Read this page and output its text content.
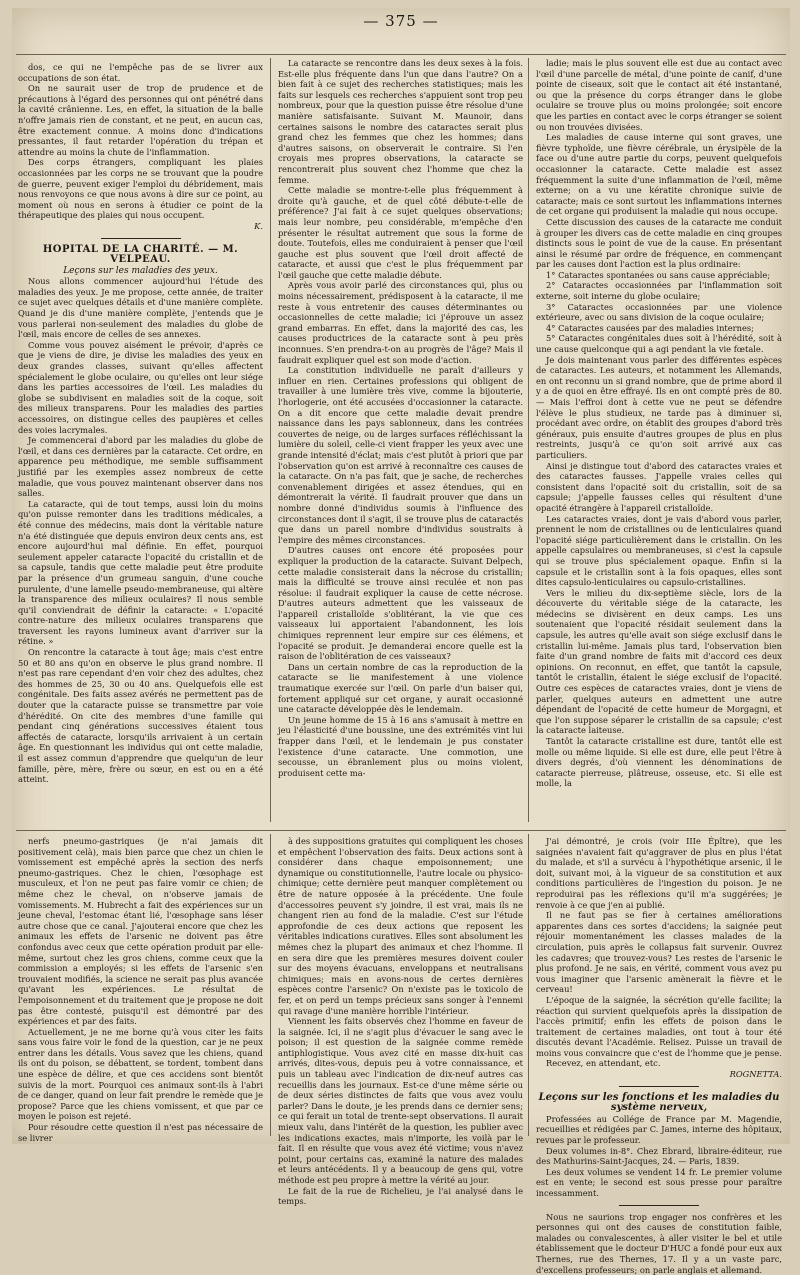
— 375 —

dos, ce qui ne l'empêche pas de se livrer aux occupations de son état.

On ne saurait user de trop de prudence et de précautions à l'égard des personnes qui ont pénétré dans la cavité crânienne. Les, en effet, la situation de la balle n'offre jamais rien de constant, et ne peut, en aucun cas, être exactement connue. A moins donc d'indications pressantes, il faut retarder l'opération du trépan et attendre au moins la chute de l'inflammation.

Des corps étrangers, compliquant les plaies occasionnées par les corps ne se trouvant que la poudre de guerre, peuvent exiger l'emploi du débridement, mais nous renvoyons ce que nous avons à dire sur ce point, au moment où nous en serons à étudier ce point de la thérapeutique des plaies qui nous occupent.

K.

HOPITAL DE LA CHARITÉ. — M. VELPEAU.

Leçons sur les maladies des yeux.

Nous allons commencer aujourd'hui l'étude des maladies des yeux. Je me propose, cette année, de traiter ce sujet avec quelques détails et d'une manière complète. Quand je dis d'une manière complète, j'entends que je vous parlerai non-seulement des maladies du globe de l'œil, mais encore de celles de ses annexes.

Comme vous pouvez aisément le prévoir, d'après ce que je viens de dire, je divise les maladies des yeux en deux grandes classes, suivant qu'elles affectent spécialement le globe oculaire, ou qu'elles ont leur siége dans les parties accessoires de l'œil. Les maladies du globe se subdivisent en maladies soit de la coque, soit des milieux transparens. Pour les maladies des parties accessoires, on distingue celles des paupières et celles des voies lacrymales.

Je commencerai d'abord par les maladies du globe de l'œil, et dans ces dernières par la cataracte. Cet ordre, en apparence peu méthodique, me semble suffisamment justifié par les exemples assez nombreux de cette maladie, que vous pouvez maintenant observer dans nos salles.

La cataracte, qui de tout temps, aussi loin du moins qu'on puisse remonter dans les traditions médicales, a été connue des médecins, mais dont la véritable nature n'a été distinguée que depuis environ deux cents ans, est encore aujourd'hui mal définie. En effet, pourquoi seulement appeler cataracte l'opacité du cristallin et de sa capsule, tandis que cette maladie peut être produite par la présence d'un grumeau sanguin, d'une couche purulente, d'une lamelle pseudo-membraneuse, qui altère la transparence des milieux oculaires? Il nous semble qu'il conviendrait de définir la cataracte: « L'opacité contre-nature des milieux oculaires transparens que traversent les rayons lumineux avant d'arriver sur la rétine. »

On rencontre la cataracte à tout âge; mais c'est entre 50 et 80 ans qu'on en observe le plus grand nombre. Il n'est pas rare cependant d'en voir chez des adultes, chez des hommes de 25, 30 ou 40 ans. Quelquefois elle est congénitale. Des faits assez avérés ne permettent pas de douter que la cataracte puisse se transmettre par voie d'hérédité. On cite des membres d'une famille qui pendant cinq générations successives étaient tous affectés de cataracte, lorsqu'ils arrivaient à un certain âge. En questionnant les individus qui ont cette maladie, il est assez commun d'apprendre que quelqu'un de leur famille, père, mère, frère ou sœur, en est ou en a été atteint.

La cataracte se rencontre dans les deux sexes à la fois. Est-elle plus fréquente dans l'un que dans l'autre? On a bien fait à ce sujet des recherches statistiques; mais les faits sur lesquels ces recherches s'appuient sont trop peu nombreux, pour que la question puisse être résolue d'une manière satisfaisante. Suivant M. Maunoir, dans certaines saisons le nombre des cataractes serait plus grand chez les femmes que chez les hommes; dans d'autres saisons, on observerait le contraire. Si l'en croyais mes propres observations, la cataracte se rencontrerait plus souvent chez l'homme que chez la femme.

Cette maladie se montre-t-elle plus fréquemment à droite qu'à gauche, et de quel côté débute-t-elle de préférence? J'ai fait à ce sujet quelques observations; mais leur nombre, peu considérable, m'empêche d'en présenter le résultat autrement que sous la forme de doute. Toutefois, elles me conduiraient à penser que l'œil gauche est plus souvent que l'œil droit affecté de cataracte, et aussi que c'est le plus fréquemment par l'œil gauche que cette maladie débute.

Après vous avoir parlé des circonstances qui, plus ou moins nécessairement, prédisposent à la cataracte, il me reste à vous entretenir des causes déterminantes ou occasionnelles de cette maladie; ici j'éprouve un assez grand embarras. En effet, dans la majorité des cas, les causes productrices de la cataracte sont à peu près inconnues. S'en prendra-t-on au progrès de l'âge? Mais il faudrait expliquer quel est son mode d'action.

La constitution individuelle ne paraît d'ailleurs y influer en rien. Certaines professions qui obligent de travailler à une lumière très vive, comme la bijouterie, l'horlogerie, ont été accusées d'occasionner la cataracte. On a dit encore que cette maladie devait prendre naissance dans les pays sablonneux, dans les contrées couvertes de neige, ou de larges surfaces réfléchissant la lumière du soleil, celle-ci vient frapper les yeux avec une grande intensité d'éclat; mais c'est plutôt à priori que par l'observation qu'on est arrivé à reconnaître ces causes de la cataracte. On n'a pas fait, que je sache, de recherches convenablement dirigées et assez étendues, qui en démontrerait la vérité. Il faudrait prouver que dans un nombre donné d'individus soumis à l'influence des circonstances dont il s'agit, il se trouve plus de cataractés que dans un pareil nombre d'individus soustraits à l'empire des mêmes circonstances.

D'autres causes ont encore été proposées pour expliquer la production de la cataracte. Suivant Delpech, cette maladie consisterait dans la nécrose du cristallin; mais la difficulté se trouve ainsi reculée et non pas résolue: il faudrait expliquer la cause de cette nécrose. D'autres auteurs admettent que les vaisseaux de l'appareil cristalloïde s'oblitérant, la vie que ces vaisseaux lui apportaient l'abandonnent, les lois chimiques reprennent leur empire sur ces élémens, et l'opacité se produit. Je demanderai encore quelle est la raison de l'oblitération de ces vaisseaux?

Dans un certain nombre de cas la reproduction de la cataracte se lie manifestement à une violence traumatique exercée sur l'œil. On parle d'un baiser qui, fortement appliqué sur cet organe, y aurait occasionné une cataracte développée dès le lendemain.

Un jeune homme de 15 à 16 ans s'amusait à mettre en jeu l'élasticité d'une boussine, une des extrémités vint lui frapper dans l'œil, et le lendemain je pus constater l'existence d'une cataracte. Une commotion, une secousse, un ébranlement plus ou moins violent, produisent cette ma-

ladie; mais le plus souvent elle est due au contact avec l'œil d'une parcelle de métal, d'une pointe de canif, d'une pointe de ciseaux, soit que le contact ait été instantané, ou que la présence du corps étranger dans le globe oculaire se trouve plus ou moins prolongée; soit encore que les parties en contact avec le corps étranger se soient ou non trouvées divisées.

Les maladies de cause interne qui sont graves, une fièvre typhoïde, une fièvre cérébrale, un érysipèle de la face ou d'une autre partie du corps, peuvent quelquefois occasionner la cataracte. Cette maladie est assez fréquemment la suite d'une inflammation de l'œil, même externe; on a vu une kératite chronique suivie de cataracte; mais ce sont surtout les inflammations internes de cet organe qui produisent la maladie qui nous occupe.

Cette discussion des causes de la cataracte me conduit à grouper les divers cas de cette maladie en cinq groupes distincts sous le point de vue de la cause. En présentant ainsi le résumé par ordre de fréquence, en commençant par les causes dont l'action est la plus ordinaire:

1° Cataractes spontanées ou sans cause appréciable;

2° Cataractes occasionnées par l'inflammation soit externe, soit interne du globe oculaire;

3° Cataractes occasionnées par une violence extérieure, avec ou sans division de la coque oculaire;

4° Cataractes causées par des maladies internes;

5° Cataractes congénitales dues soit à l'hérédité, soit à une cause quelconque qui a agi pendant la vie fœtale.

Je dois maintenant vous parler des différentes espèces de cataractes. Les auteurs, et notamment les Allemands, en ont reconnu un si grand nombre, que de prime abord il y a de quoi en être effrayé. Ils en ont compté près de 80. — Mais l'effroi dont à cette vue ne peut se défendre l'élève le plus studieux, ne tarde pas à diminuer si, procédant avec ordre, on établit des groupes d'abord très généraux, puis ensuite d'autres groupes de plus en plus restreints, jusqu'à ce qu'on soit arrivé aux cas particuliers.

Ainsi je distingue tout d'abord des cataractes vraies et des cataractes fausses. J'appelle vraies celles qui consistent dans l'opacité soit du cristallin, soit de sa capsule; j'appelle fausses celles qui résultent d'une opacité étrangère à l'appareil cristalloïde.

Les cataractes vraies, dont je vais d'abord vous parler, prennent le nom de cristallines ou de lenticulaires quand l'opacité siége particulièrement dans le cristallin. On les appelle capsulaires ou membraneuses, si c'est la capsule qui se trouve plus spécialement opaque. Enfin si la capsule et le cristallin sont à la fois opaques, elles sont dites capsulo-lenticulaires ou capsulo-cristallines.

Vers le milieu du dix-septième siècle, lors de la découverte du véritable siége de la cataracte, les médecins se divisèrent en deux camps. Les uns soutenaient que l'opacité résidait seulement dans la capsule, les autres qu'elle avait son siége exclusif dans le cristallin lui-même. Jamais plus tard, l'observation bien faite d'un grand nombre de faits mit d'accord ces deux opinions. On reconnut, en effet, que tantôt la capsule, tantôt le cristallin, étaient le siége exclusif de l'opacité. Outre ces espèces de cataractes vraies, dont je viens de parler, quelques auteurs en admettent une autre dépendant de l'opacité de cette humeur de Morgagni, et que l'on suppose séparer le cristallin de sa capsule; c'est la cataracte laiteuse.

Tantôt la cataracte cristalline est dure, tantôt elle est molle ou même liquide. Si elle est dure, elle peut l'être à divers degrés, d'où viennent les dénominations de cataracte pierreuse, plâtreuse, osseuse, etc. Si elle est molle, la

nerfs pneumo-gastriques (je n'ai jamais dit positivement celà), mais bien parce que chez un chien le vomissement est empêché après la section des nerfs pneumo-gastriques. Chez le chien, l'œsophage est musculeux, et l'on ne peut pas faire vomir ce chien; de même chez le cheval, on n'observe jamais de vomissements. M. Hubrecht a fait des expériences sur un jeune cheval, l'estomac étant lié, l'œsophage sans léser autre chose que ce canal. J'ajouterai encore que chez les animaux les effets de l'arsenic ne doivent pas être confondus avec ceux que cette opération produit par elle-même, surtout chez les gros chiens, comme ceux que la commission a employés; si les effets de l'arsenic s'en trouvaient modifiés, la science ne serait pas plus avancée qu'avant les expériences. Le résultat de l'empoisonnement et du traitement que je propose ne doit pas être contesté, puisqu'il est démontré par des expériences et par des faits.

Actuellement, je ne me borne qu'à vous citer les faits sans vous faire voir le fond de la question, car je ne peux entrer dans les détails. Vous savez que les chiens, quand ils ont du poison, se débattent, se tordent, tombent dans une espèce de délire, et que ces accidens sont bientôt suivis de la mort. Pourquoi ces animaux sont-ils à l'abri de ce danger, quand on leur fait prendre le remède que je propose? Parce que les chiens vomissent, et que par ce moyen le poison est rejeté.

Pour résoudre cette question il n'est pas nécessaire de se livrer

à des suppositions gratuites qui compliquent les choses et empêchent l'observation des faits. Deux actions sont à considérer dans chaque empoisonnement; une dynamique ou constitutionnelle, l'autre locale ou physico-chimique; cette dernière peut manquer complètement ou être de nature opposée à la précédente. Une foule d'accessoires peuvent s'y joindre, il est vrai, mais ils ne changent rien au fond de la maladie. C'est sur l'étude approfondie de ces deux actions que reposent les véritables indications curatives. Elles sont absolument les mêmes chez la plupart des animaux et chez l'homme. Il en sera dire que les premières mesures doivent couler sur des moyens évacuans, enveloppans et neutralisans chimiques; mais en avons-nous de certes dernières espèces contre l'arsenic? On n'existe pas le toxicolo de fer, et on perd un temps précieux sans songer à l'ennemi qui ravage d'une manière horrible l'intérieur.

Viennent les faits observés chez l'homme en faveur de la saignée. Ici, il ne s'agit plus d'évacuer le sang avec le poison; il est question de la saignée comme remède antiphlogistique. Vous avez cité en masse dix-huit cas arrivés, dites-vous, depuis peu à votre connaissance, et puis un tableau avec l'indication de dix-neuf autres cas recueillis dans les journaux. Est-ce d'une même série ou de deux séries distinctes de faits que vous avez voulu parler? Dans le doute, je les prends dans ce dernier sens; ce qui ferait un total de trente-sept observations. Il aurait mieux valu, dans l'intérêt de la question, les publier avec les indications exactes, mais n'importe, les voilà par le fait. Il en résulte que vous avez été victime; vous n'avez point, pour certains cas, examiné la nature des malades et leurs antécédents. Il y a beaucoup de gens qui, votre méthode est peu propre à mettre la vérité au jour.

Le fait de la rue de Richelieu, je l'ai analysé dans le temps.

J'ai démontré, je crois (voir IIIe Épître), que les saignées n'avaient fait qu'aggraver de plus en plus l'état du malade, et s'il a survécu à l'hypothétique arsenic, il le doit, suivant moi, à la vigueur de sa constitution et aux conditions particulières de l'ingestion du poison. Je ne reproduirai pas les réflexions qu'il m'a suggérées; je renvoie à ce que j'en ai publié.

Il ne faut pas se fier à certaines améliorations apparentes dans ces sortes d'accidens; la saignée peut réjouir momentanément les classes malades de la circulation, puis après le collapsus fait survenir. Ouvrez les cadavres; que trouvez-vous? Les restes de l'arsenic le plus profond. Je ne sais, en vérité, comment vous avez pu vous imaginer que l'arsenic amènerait la fièvre et le cerveau!

L'époque de la saignée, la sécrétion qu'elle facilite; la réaction qui survient quelquefois après la dissipation de l'accès primitif; enfin les effets de poison dans le traitement de certaines maladies, ont tout à tour été discutés devant l'Académie. Relisez. Puisse un travail de moins vous convaincre que c'est de l'homme que je pense.

Recevez, en attendant, etc.

ROGNETTA.

Leçons sur les fonctions et les maladies du système nerveux,

Professées au Collége de France par M. Magendie, recueillies et rédigées par C. James, interne des hôpitaux, revues par le professeur.

Deux volumes in-8°. Chez Ebrard, libraire-éditeur, rue des Mathurins-Saint-Jacques, 24. — Paris, 1839.

Les deux volumes se vendent 14 fr. Le premier volume est en vente; le second est sous presse pour paraître incessamment.

Nous ne saurions trop engager nos confrères et les personnes qui ont des causes de constitution faible, malades ou convalescentes, à aller visiter le bel et utile établissement que le docteur D'HUC a fondé pour eux aux Thernes, rue des Thernes, 17. Il y a un vaste parc, d'excellens professeurs; on parle anglais et allemand.
